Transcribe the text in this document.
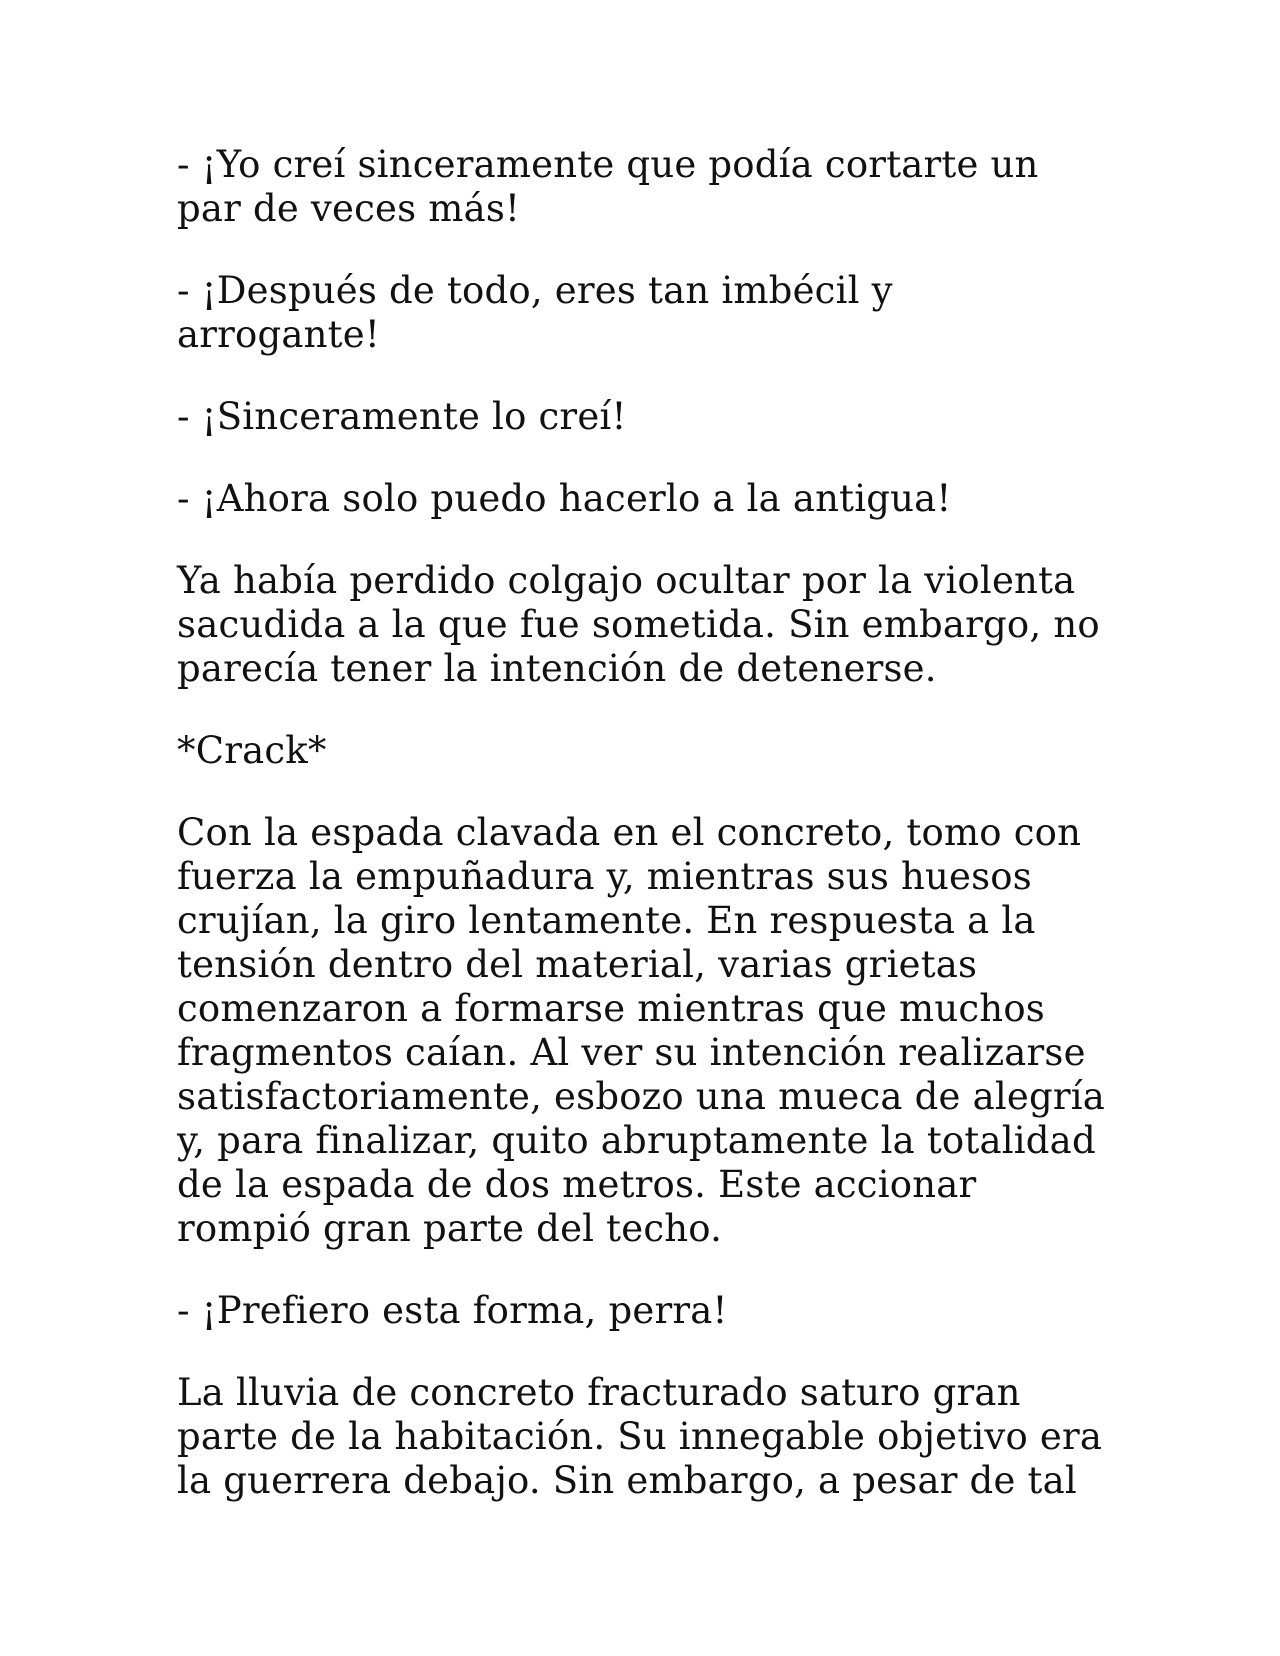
- ¡Yo creí sinceramente que podía cortarte un par de veces más!

- ¡Después de todo, eres tan imbécil y arrogante!

- ¡Sinceramente lo creí!

- ¡Ahora solo puedo hacerlo a la antigua!

Ya había perdido colgajo ocultar por la violenta sacudida a la que fue sometida. Sin embargo, no parecía tener la intención de detenerse.

*Crack*

Con la espada clavada en el concreto, tomo con fuerza la empuñadura y, mientras sus huesos crujían, la giro lentamente. En respuesta a la tensión dentro del material, varias grietas comenzaron a formarse mientras que muchos fragmentos caían. Al ver su intención realizarse satisfactoriamente, esbozo una mueca de alegría y, para finalizar, quito abruptamente la totalidad de la espada de dos metros. Este accionar rompió gran parte del techo.

- ¡Prefiero esta forma, perra!

La lluvia de concreto fracturado saturo gran parte de la habitación. Su innegable objetivo era la guerrera debajo. Sin embargo, a pesar de tal
